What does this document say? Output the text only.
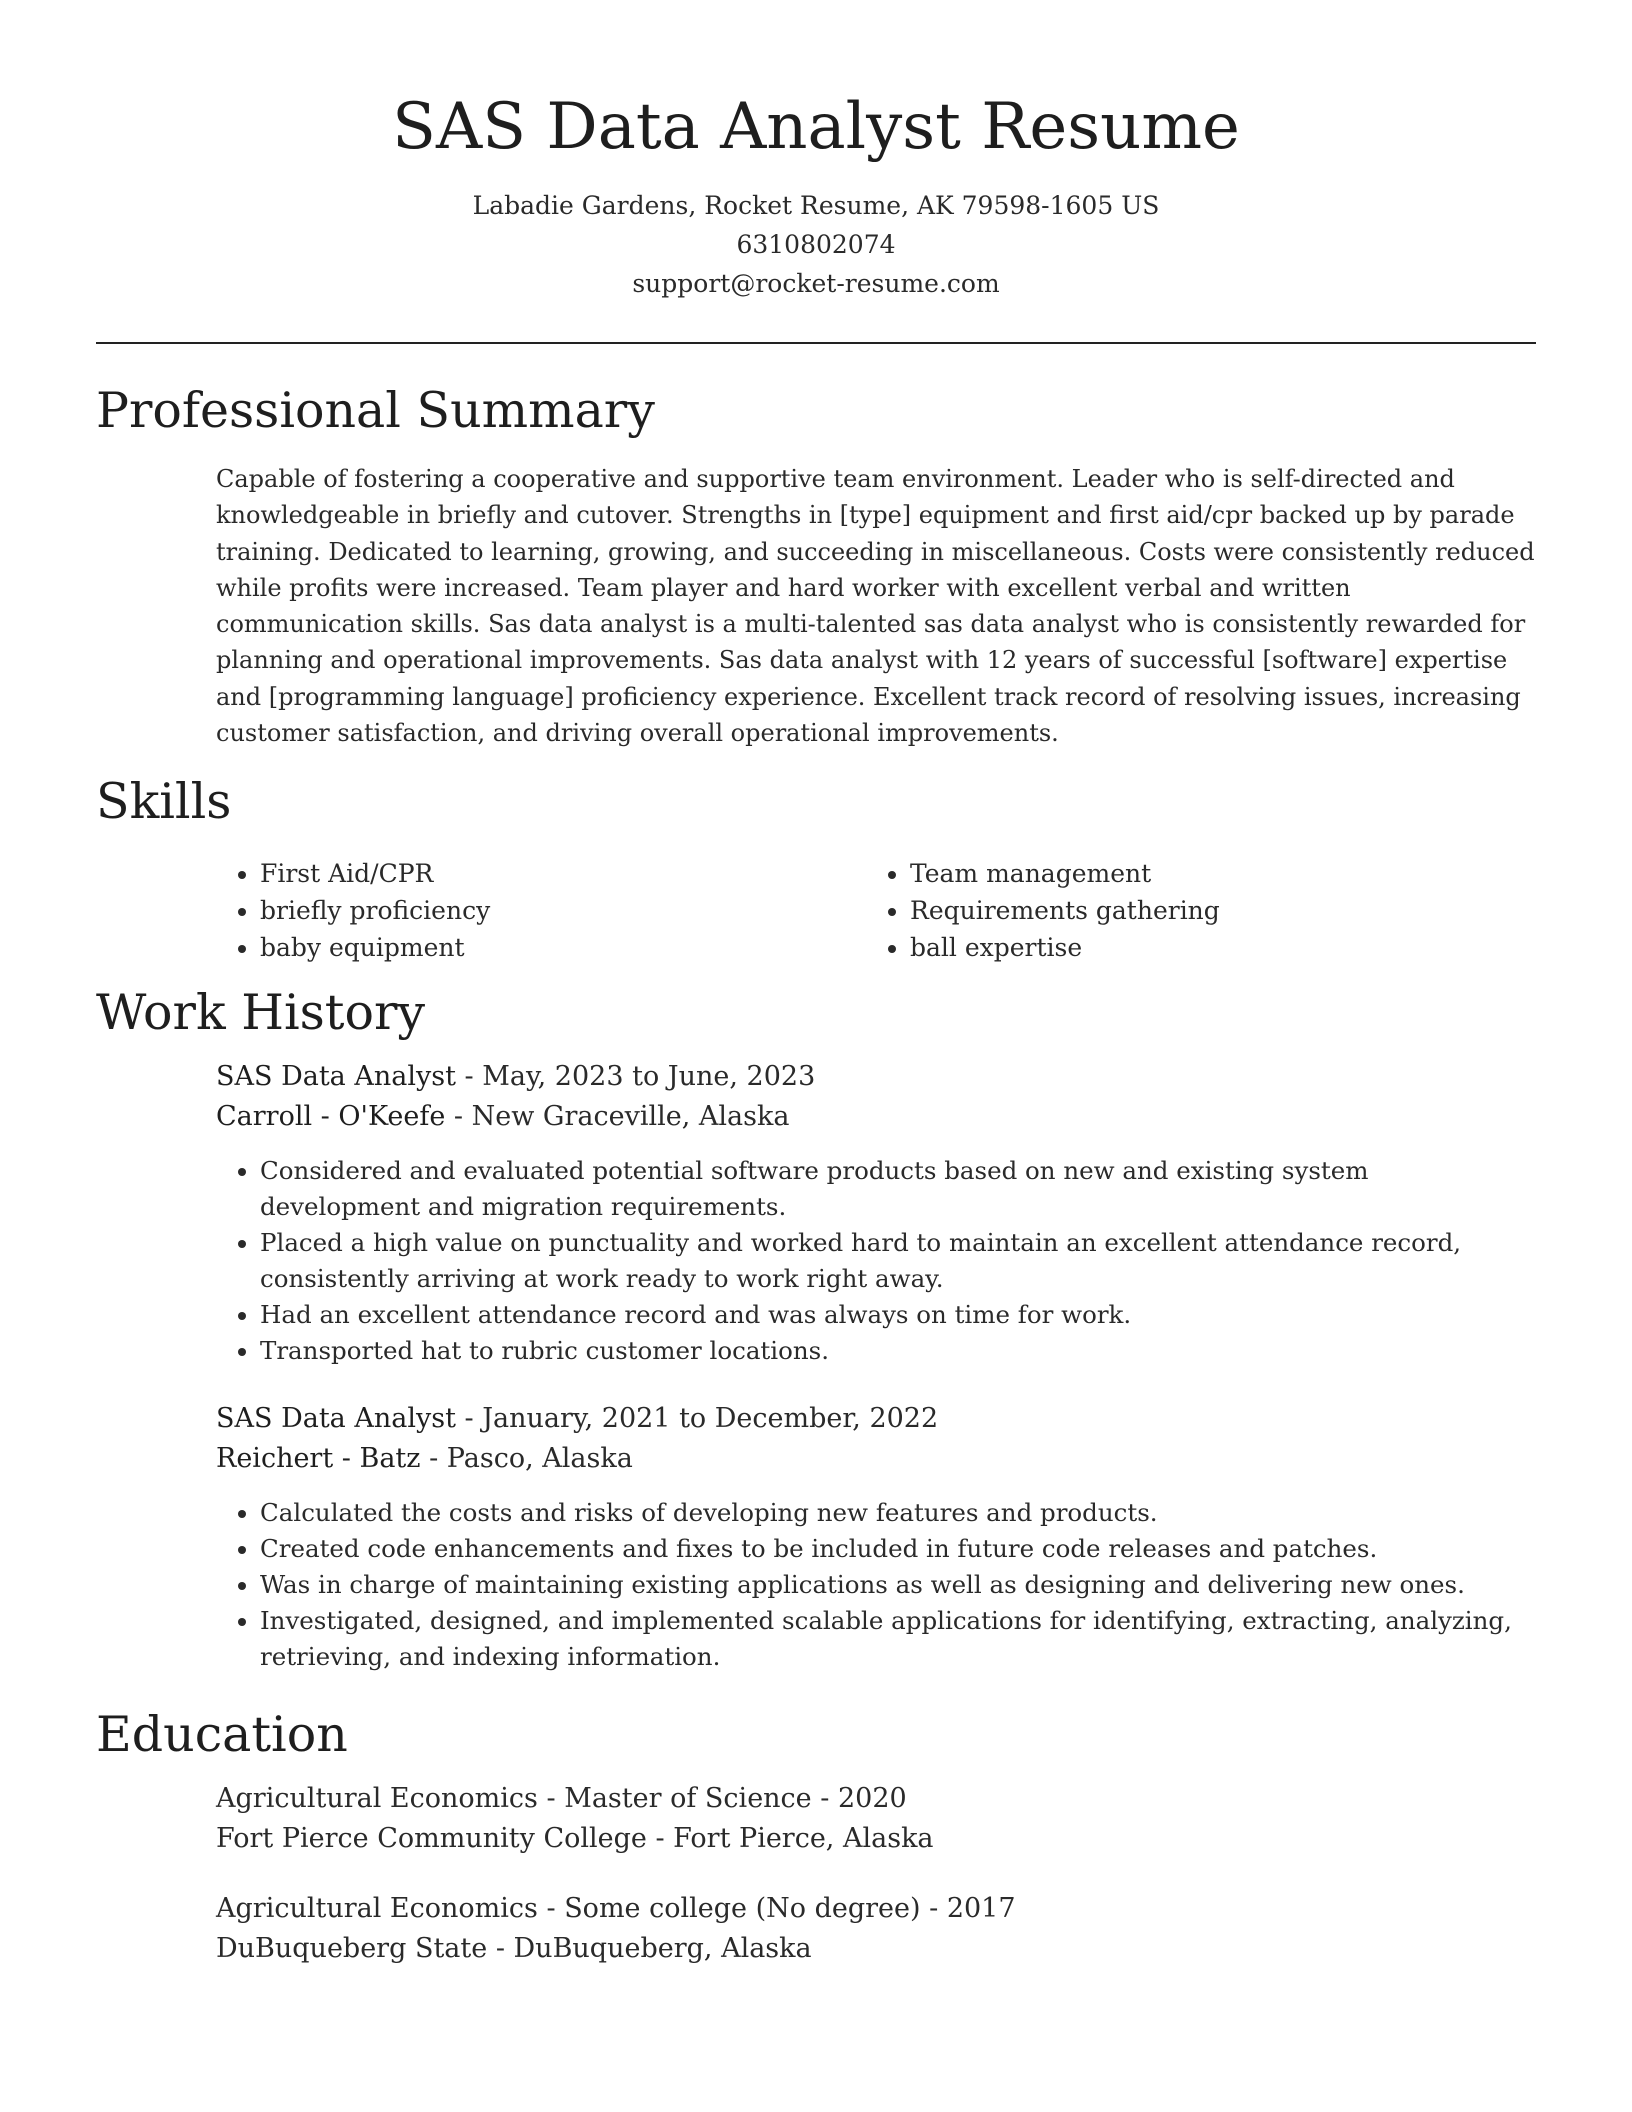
SAS Data Analyst Resume
Labadie Gardens, Rocket Resume, AK 79598-1605 US
6310802074
support@rocket-resume.com
Professional Summary

Capable of fostering a cooperative and supportive team environment. Leader who is self-directed and knowledgeable in briefly and cutover. Strengths in [type] equipment and first aid/cpr backed up by parade training. Dedicated to learning, growing, and succeeding in miscellaneous. Costs were consistently reduced while profits were increased. Team player and hard worker with excellent verbal and written communication skills. Sas data analyst is a multi-talented sas data analyst who is consistently rewarded for planning and operational improvements. Sas data analyst with 12 years of successful [software] expertise and [programming language] proficiency experience. Excellent track record of resolving issues, increasing customer satisfaction, and driving overall operational improvements.

Skills
• First Aid/CPR
• briefly proficiency
• baby equipment
• Team management
• Requirements gathering
• ball expertise
Work History
SAS Data Analyst - May, 2023 to June, 2023
Carroll - O'Keefe - New Graceville, Alaska
• Considered and evaluated potential software products based on new and existing system development and migration requirements.
• Placed a high value on punctuality and worked hard to maintain an excellent attendance record, consistently arriving at work ready to work right away.
• Had an excellent attendance record and was always on time for work.
• Transported hat to rubric customer locations.
SAS Data Analyst - January, 2021 to December, 2022
Reichert - Batz - Pasco, Alaska
• Calculated the costs and risks of developing new features and products.
• Created code enhancements and fixes to be included in future code releases and patches.
• Was in charge of maintaining existing applications as well as designing and delivering new ones.
• Investigated, designed, and implemented scalable applications for identifying, extracting, analyzing, retrieving, and indexing information.
Education
Agricultural Economics - Master of Science - 2020
Fort Pierce Community College - Fort Pierce, Alaska
Agricultural Economics - Some college (No degree) - 2017
DuBuqueberg State - DuBuqueberg, Alaska
